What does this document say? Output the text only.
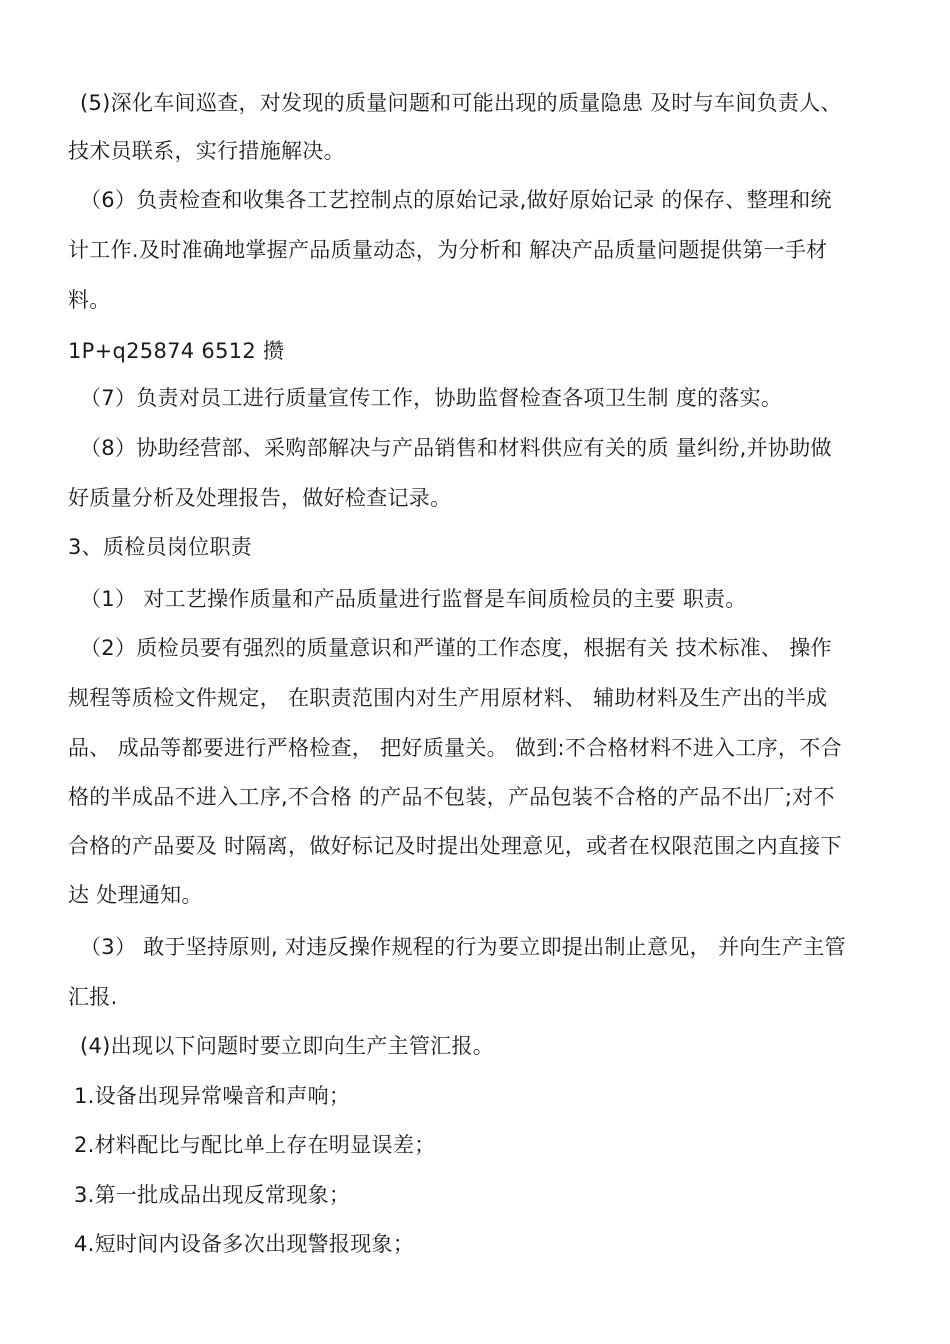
(5)深化车间巡查，对发现的质量问题和可能出现的质量隐患 及时与车间负责人、
技术员联系，实行措施解决。
（6）负责检查和收集各工艺控制点的原始记录,做好原始记录 的保存、整理和统
计工作.及时准确地掌握产品质量动态，为分析和 解决产品质量问题提供第一手材
料。
1P+q25874 6512 攒
（7）负责对员工进行质量宣传工作，协助监督检查各项卫生制 度的落实。
（8）协助经营部、采购部解决与产品销售和材料供应有关的质 量纠纷,并协助做
好质量分析及处理报告，做好检查记录。
3、质检员岗位职责
（1） 对工艺操作质量和产品质量进行监督是车间质检员的主要 职责。
（2）质检员要有强烈的质量意识和严谨的工作态度，根据有关 技术标准、 操作
规程等质检文件规定， 在职责范围内对生产用原材料、 辅助材料及生产出的半成
品、 成品等都要进行严格检查， 把好质量关。 做到:不合格材料不进入工序，不合
格的半成品不进入工序,不合格 的产品不包装，产品包装不合格的产品不出厂;对不
合格的产品要及 时隔离，做好标记及时提出处理意见，或者在权限范围之内直接下
达 处理通知。
（3） 敢于坚持原则, 对违反操作规程的行为要立即提出制止意见， 并向生产主管
汇报.
(4)出现以下问题时要立即向生产主管汇报。
1.设备出现异常噪音和声响；
2.材料配比与配比单上存在明显误差；
3.第一批成品出现反常现象；
4.短时间内设备多次出现警报现象；
